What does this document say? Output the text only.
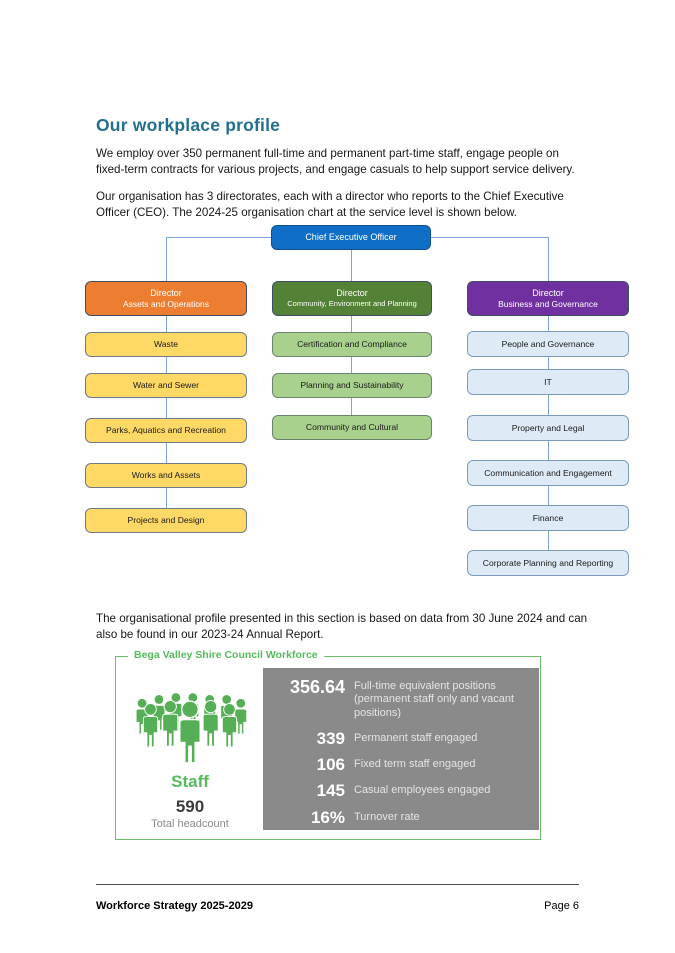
Our workplace profile

We employ over 350 permanent full-time and permanent part-time staff, engage people on fixed-term contracts for various projects, and engage casuals to help support service delivery.

Our organisation has 3 directorates, each with a director who reports to the Chief Executive Officer (CEO). The 2024-25 organisation chart at the service level is shown below.

Chief Executive Officer
Director
Assets and Operations
Director
Community, Environment and Planning
Director
Business and Governance
Waste
Water and Sewer
Parks, Aquatics and Recreation
Works and Assets
Projects and Design
Certification and Compliance
Planning and Sustainability
Community and Cultural
People and Governance
IT
Property and Legal
Communication and Engagement
Finance
Corporate Planning and Reporting

The organisational profile presented in this section is based on data from 30 June 2024 and can also be found in our 2023-24 Annual Report.

Bega Valley Shire Council Workforce
Staff
590
Total headcount
356.64 Full-time equivalent positions (permanent staff only and vacant positions)
339 Permanent staff engaged
106 Fixed term staff engaged
145 Casual employees engaged
16% Turnover rate
Workforce Strategy 2025-2029	Page 6
